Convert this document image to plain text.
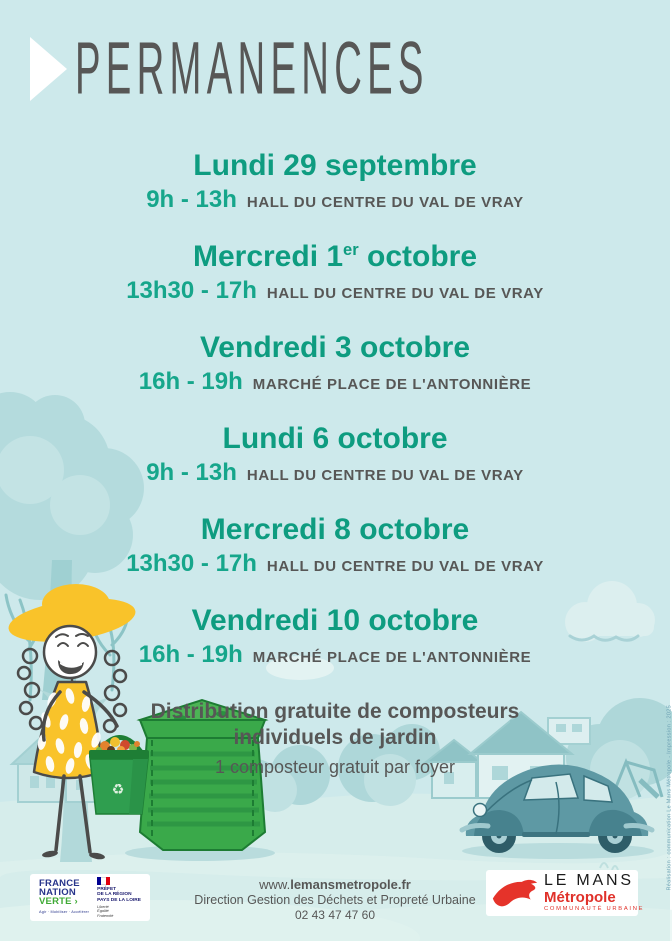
♻
PERMANENCES
Lundi 29 septembre
9h - 13h HALL DU CENTRE DU VAL DE VRAY
Mercredi 1er octobre
13h30 - 17h HALL DU CENTRE DU VAL DE VRAY
Vendredi 3 octobre
16h - 19h MARCHÉ PLACE DE L'ANTONNIÈRE
Lundi 6 octobre
9h - 13h HALL DU CENTRE DU VAL DE VRAY
Mercredi 8 octobre
13h30 - 17h HALL DU CENTRE DU VAL DE VRAY
Vendredi 10 octobre
16h - 19h MARCHÉ PLACE DE L'ANTONNIÈRE
Distribution gratuite de composteurs
individuels de jardin
1 composteur gratuit par foyer	Réalisation : communication Le Mans Métropole - Impression : 2025
FRANCE
NATION
VERTE ›
Agir · Mobiliser · Accélérer
PRÉFET
DE LA RÉGION
PAYS DE LA LOIRE
Liberté
Égalité
Fraternité
www.lemansmetropole.fr
Direction Gestion des Déchets et Propreté Urbaine
02 43 47 47 60
LE MANS
Métropole
COMMUNAUTÉ URBAINE
